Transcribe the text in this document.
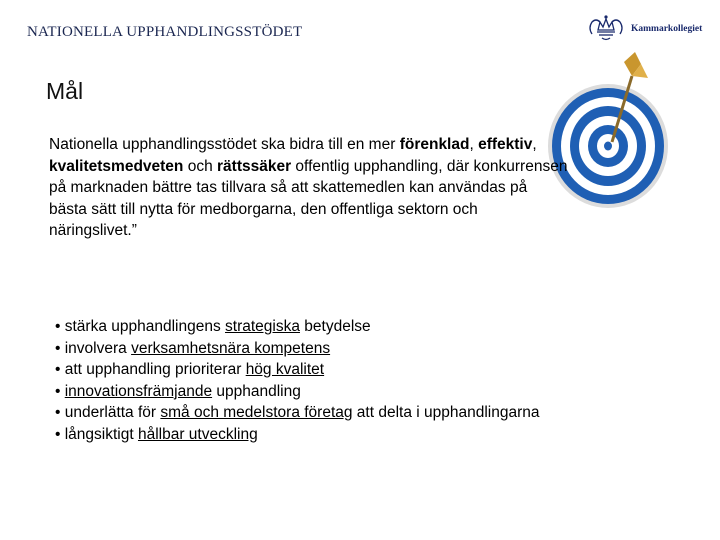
NATIONELLA UPPHANDLINGSSTÖDET	Kammarkollegiet
Mål

Nationella upphandlingsstödet ska bidra till en mer förenklad, effektiv, kvalitetsmedveten och rättssäker offentlig upphandling, där konkurrensen på marknaden bättre tas tillvara så att skattemedlen kan användas på bästa sätt till nytta för medborgarna, den offentliga sektorn och näringslivet.”

• stärka upphandlingens strategiska betydelse
• involvera verksamhetsnära kompetens
• att upphandling prioriterar hög kvalitet
• innovationsfrämjande upphandling
• underlätta för små och medelstora företag att delta i upphandlingarna
• långsiktigt hållbar utveckling
